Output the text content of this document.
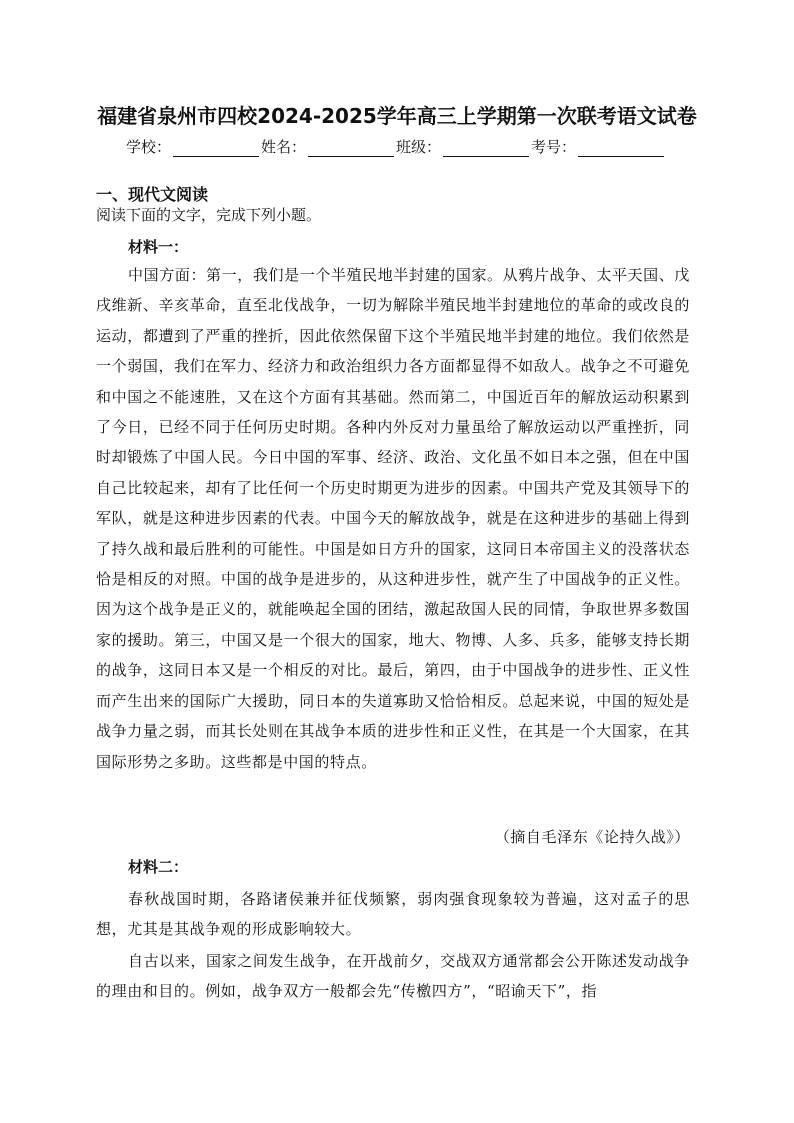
福建省泉州市四校2024-2025学年高三上学期第一次联考语文试卷
学校：	姓名：	班级：	考号：
一、现代文阅读
阅读下面的文字，完成下列小题。
材料一：
中国方面：第一，我们是一个半殖民地半封建的国家。从鸦片战争、太平天国、戊戌维新、辛亥革命，直至北伐战争，一切为解除半殖民地半封建地位的革命的或改良的运动，都遭到了严重的挫折，因此依然保留下这个半殖民地半封建的地位。我们依然是一个弱国，我们在军力、经济力和政治组织力各方面都显得不如敌人。战争之不可避免和中国之不能速胜，又在这个方面有其基础。然而第二，中国近百年的解放运动积累到了今日，已经不同于任何历史时期。各种内外反对力量虽给了解放运动以严重挫折，同时却锻炼了中国人民。今日中国的军事、经济、政治、文化虽不如日本之强，但在中国自己比较起来，却有了比任何一个历史时期更为进步的因素。中国共产党及其领导下的军队，就是这种进步因素的代表。中国今天的解放战争，就是在这种进步的基础上得到了持久战和最后胜利的可能性。中国是如日方升的国家，这同日本帝国主义的没落状态恰是相反的对照。中国的战争是进步的，从这种进步性，就产生了中国战争的正义性。因为这个战争是正义的，就能唤起全国的团结，激起敌国人民的同情，争取世界多数国家的援助。第三，中国又是一个很大的国家，地大、物博、人多、兵多，能够支持长期的战争，这同日本又是一个相反的对比。最后，第四，由于中国战争的进步性、正义性而产生出来的国际广大援助，同日本的失道寡助又恰恰相反。总起来说，中国的短处是战争力量之弱，而其长处则在其战争本质的进步性和正义性，在其是一个大国家，在其国际形势之多助。这些都是中国的特点。
（摘自毛泽东《论持久战》）
材料二：
春秋战国时期，各路诸侯兼并征伐频繁，弱肉强食现象较为普遍，这对孟子的思想，尤其是其战争观的形成影响较大。
自古以来，国家之间发生战争，在开战前夕，交战双方通常都会公开陈述发动战争的理由和目的。例如，战争双方一般都会先“传檄四方”，“昭谕天下”，指
